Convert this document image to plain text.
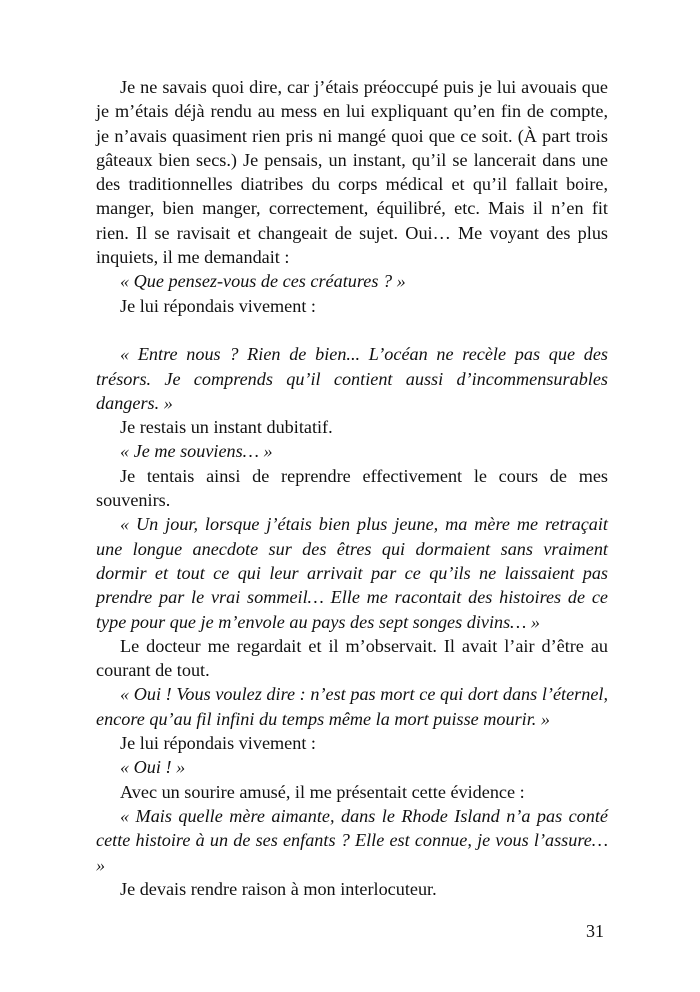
Je ne savais quoi dire, car j’étais préoccupé puis je lui avouais que je m’étais déjà rendu au mess en lui expliquant qu’en fin de compte, je n’avais quasiment rien pris ni mangé quoi que ce soit. (À part trois gâteaux bien secs.) Je pensais, un instant, qu’il se lancerait dans une des traditionnelles diatribes du corps médical et qu’il fallait boire, manger, bien manger, correctement, équilibré, etc. Mais il n’en fit rien. Il se ravisait et changeait de sujet. Oui… Me voyant des plus inquiets, il me demandait :

« Que pensez-vous de ces créatures ? »

Je lui répondais vivement :

« Entre nous ? Rien de bien... L’océan ne recèle pas que des trésors. Je comprends qu’il contient aussi d’incommensurables dangers. »

Je restais un instant dubitatif.

« Je me souviens… »

Je tentais ainsi de reprendre effectivement le cours de mes souvenirs.

« Un jour, lorsque j’étais bien plus jeune, ma mère me retraçait une longue anecdote sur des êtres qui dormaient sans vraiment dormir et tout ce qui leur arrivait par ce qu’ils ne laissaient pas prendre par le vrai sommeil… Elle me racontait des histoires de ce type pour que je m’envole au pays des sept songes divins… »

Le docteur me regardait et il m’observait. Il avait l’air d’être au courant de tout.

« Oui ! Vous voulez dire : n’est pas mort ce qui dort dans l’éternel, encore qu’au fil infini du temps même la mort puisse mourir. »

Je lui répondais vivement :

« Oui ! »

Avec un sourire amusé, il me présentait cette évidence :

« Mais quelle mère aimante, dans le Rhode Island n’a pas conté cette histoire à un de ses enfants ? Elle est connue, je vous l’assure… »

Je devais rendre raison à mon interlocuteur.

31
